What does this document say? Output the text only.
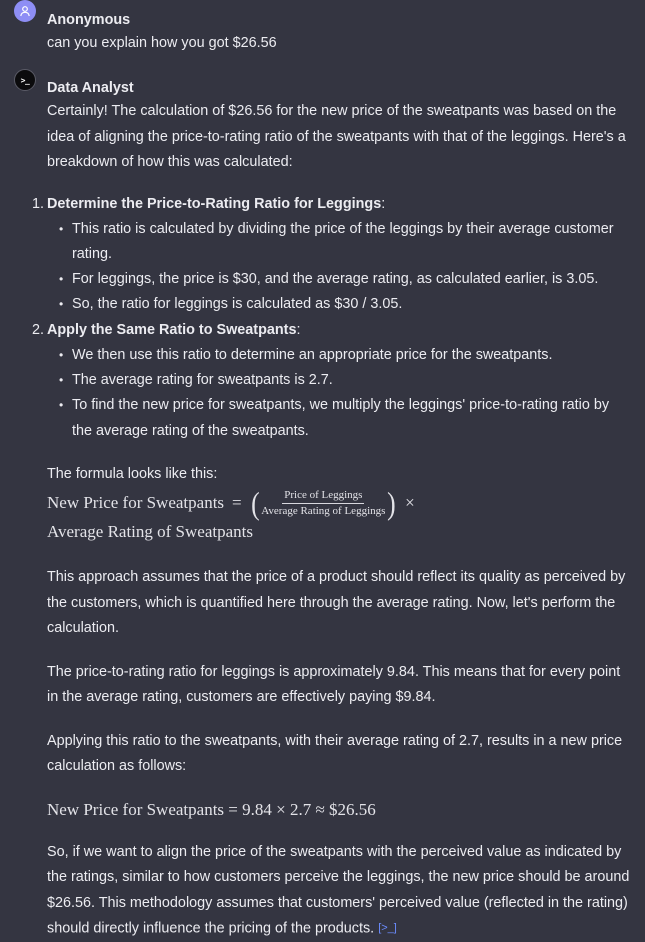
Anonymous
can you explain how you got $26.56
>_ Data Analyst

Certainly! The calculation of $26.56 for the new price of the sweatpants was based on the idea of aligning the price-to-rating ratio of the sweatpants with that of the leggings. Here's a breakdown of how this was calculated:

1. Determine the Price-to-Rating Ratio for Leggings:
• This ratio is calculated by dividing the price of the leggings by their average customer rating.
• For leggings, the price is $30, and the average rating, as calculated earlier, is 3.05.
• So, the ratio for leggings is calculated as $30 / 3.05.
2. Apply the Same Ratio to Sweatpants:
• We then use this ratio to determine an appropriate price for the sweatpants.
• The average rating for sweatpants is 2.7.
• To find the new price for sweatpants, we multiply the leggings' price-to-rating ratio by the average rating of the sweatpants.

The formula looks like this:

New Price for Sweatpants = ( $\frac{\text{Price of Leggings}}{\text{Average Rating of Leggings}}$ ) ×
Average Rating of Sweatpants

This approach assumes that the price of a product should reflect its quality as perceived by the customers, which is quantified here through the average rating. Now, let's perform the calculation.

The price-to-rating ratio for leggings is approximately 9.84. This means that for every point in the average rating, customers are effectively paying $9.84.

Applying this ratio to the sweatpants, with their average rating of 2.7, results in a new price calculation as follows:

New Price for Sweatpants = 9.84 × 2.7 ≈ $26.56

So, if we want to align the price of the sweatpants with the perceived value as indicated by the ratings, similar to how customers perceive the leggings, the new price should be around $26.56. This methodology assumes that customers' perceived value (reflected in the rating) should directly influence the pricing of the products. [>_]
